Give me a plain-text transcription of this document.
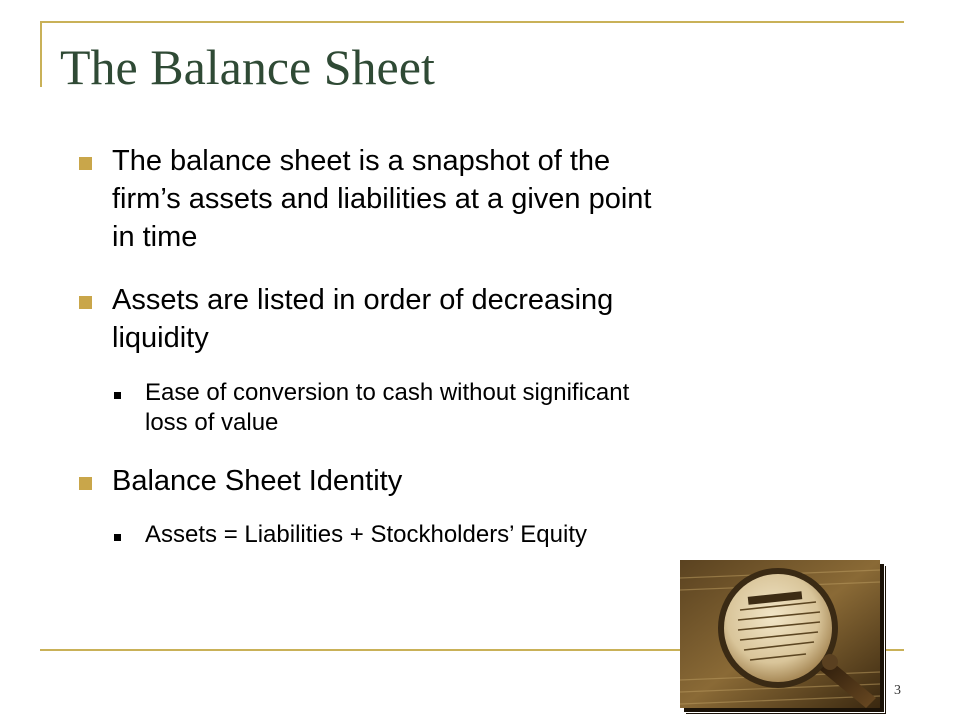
The Balance Sheet
The balance sheet is a snapshot of the
firm’s assets and liabilities at a given point
in time
Assets are listed in order of decreasing
liquidity
Ease of conversion to cash without significant
loss of value
Balance Sheet Identity
Assets = Liabilities + Stockholders’ Equity
3
